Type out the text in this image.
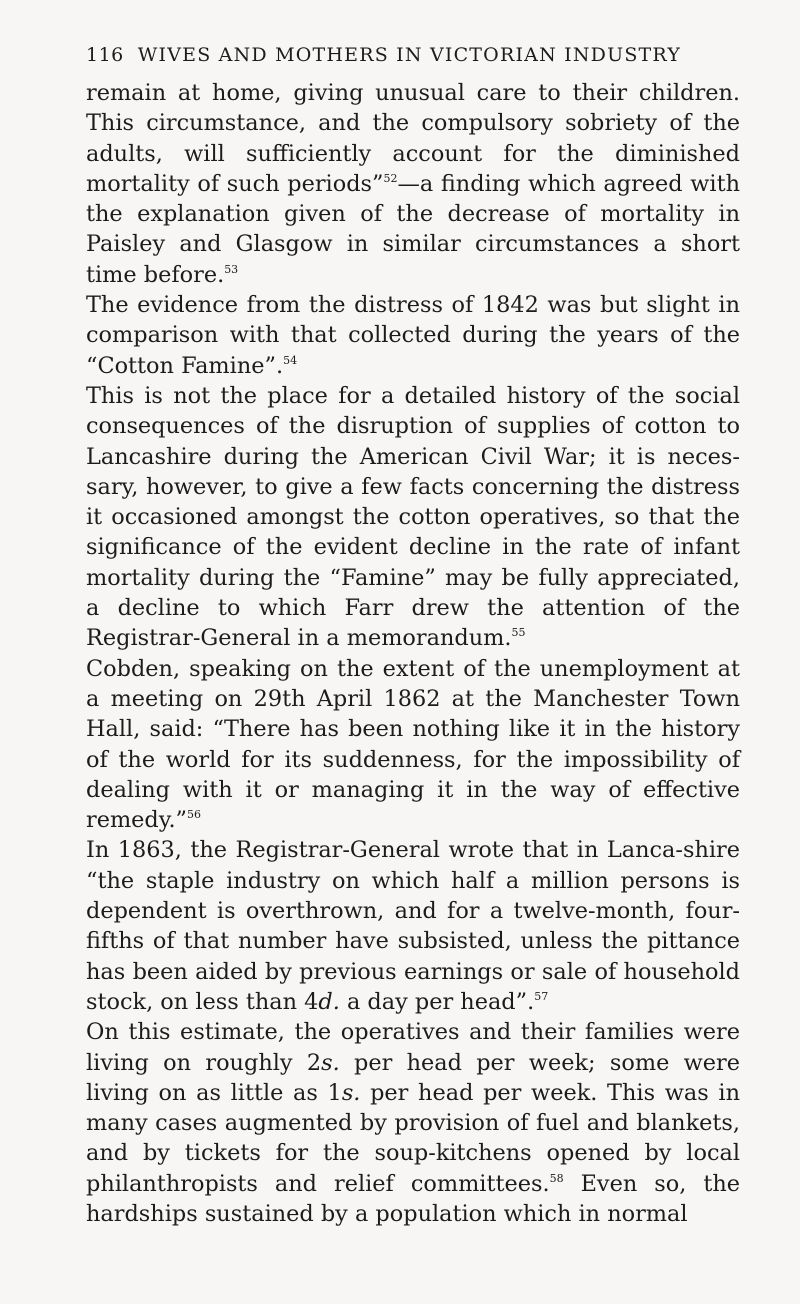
116 WIVES AND MOTHERS IN VICTORIAN INDUSTRY

remain at home, giving unusual care to their children. This circumstance, and the compulsory sobriety of the adults, will sufficiently account for the diminished mortality of such periods”$^{52}$—a finding which agreed with the explanation given of the decrease of mortality in Paisley and Glasgow in similar circumstances a short time before.$^{53}$

The evidence from the distress of 1842 was but slight in comparison with that collected during the years of the “Cotton Famine”.$^{54}$

This is not the place for a detailed history of the social consequences of the disruption of supplies of cotton to Lancashire during the American Civil War; it is neces-sary, however, to give a few facts concerning the distress it occasioned amongst the cotton operatives, so that the significance of the evident decline in the rate of infant mortality during the “Famine” may be fully appreciated, a decline to which Farr drew the attention of the Registrar-General in a memorandum.$^{55}$

Cobden, speaking on the extent of the unemployment at a meeting on 29th April 1862 at the Manchester Town Hall, said: “There has been nothing like it in the history of the world for its suddenness, for the impossibility of dealing with it or managing it in the way of effective remedy.”$^{56}$

In 1863, the Registrar-General wrote that in Lanca-shire “the staple industry on which half a million persons is dependent is overthrown, and for a twelve-month, four-fifths of that number have subsisted, unless the pittance has been aided by previous earnings or sale of household stock, on less than 4d. a day per head”.$^{57}$

On this estimate, the operatives and their families were living on roughly 2s. per head per week; some were living on as little as 1s. per head per week. This was in many cases augmented by provision of fuel and blankets, and by tickets for the soup-kitchens opened by local philanthropists and relief committees.$^{58}$ Even so, the hardships sustained by a population which in normal
